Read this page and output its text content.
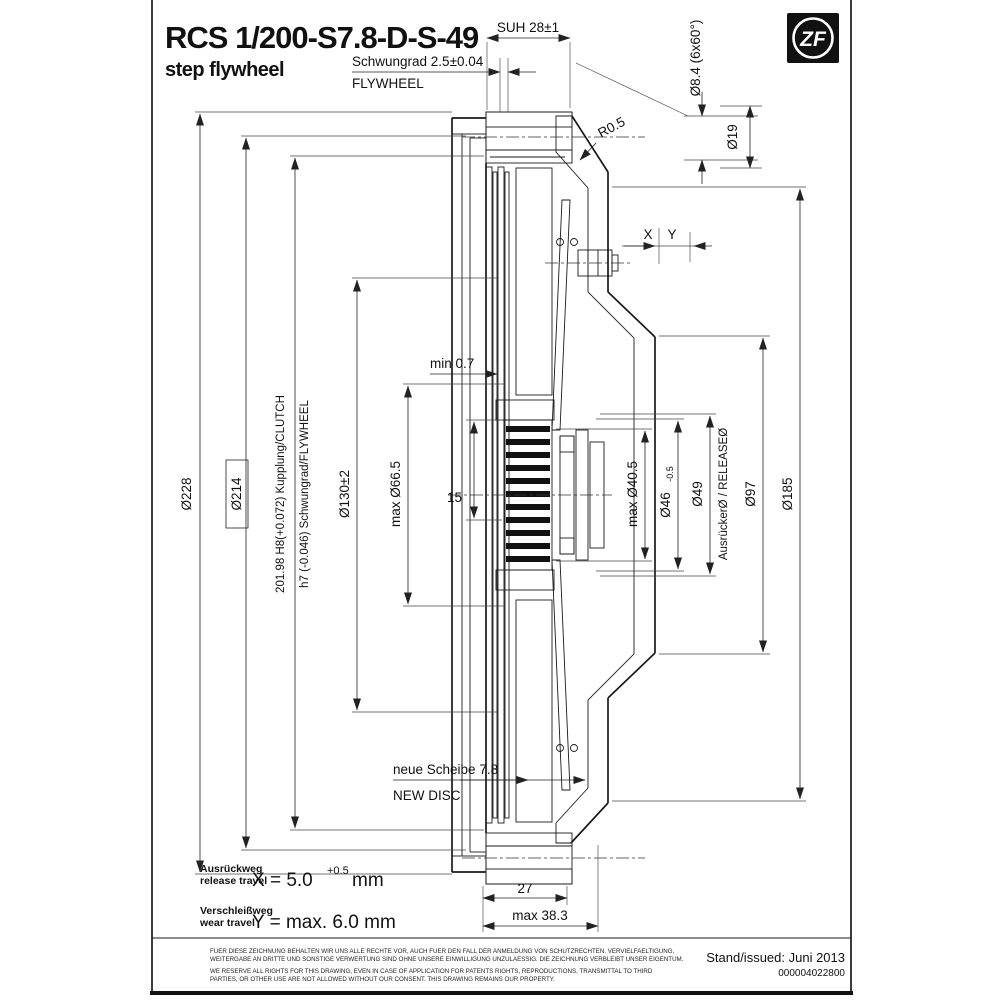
RCS 1/200-S7.8-D-S-49
step flywheel
ZF
SUH 28±1
Schwungrad 2.5±0.04
FLYWHEEL	Ø8.4 (6x60°)
Ø19
R0.5
X Y
min 0.7
Ø228	Ø214	201.98 H8(+0.072) Kupplung/CLUTCH h7 (-0.046) Schwungrad/FLYWHEEL Ø130±2	max Ø66.5	15	max Ø40.5 Ø46
-0.5
Ø49 AusrückerØ / RELEASEØ Ø97 Ø185
neue Scheibe 7.8
NEW DISC
27
max 38.3
Ausrückweg
release travel
X = 5.0 +0.5 mm
Verschleißweg
wear travel
Y = max. 6.0 mm
FUER DIESE ZEICHNUNG BEHALTEN WIR UNS ALLE RECHTE VOR, AUCH FUER DEN FALL DER ANMELDUNG VON SCHUTZRECHTEN. VERVIELFAELTIGUNG,
WEITERGABE AN DRITTE UND SONSTIGE VERWERTUNG SIND OHNE UNSERE EINWILLIGUNG UNZULAESSIG. DIE ZEICHNUNG VERBLEIBT UNSER EIGENTUM.
WE RESERVE ALL RIGHTS FOR THIS DRAWING, EVEN IN CASE OF APPLICATION FOR PATENTS RIGHTS, REPRODUCTIONS, TRANSMITTAL TO THIRD
PARTIES, OR OTHER USE ARE NOT ALLOWED WITHOUT OUR CONSENT. THIS DRAWING REMAINS OUR PROPERTY.
Stand/issued: Juni 2013
000004022800
